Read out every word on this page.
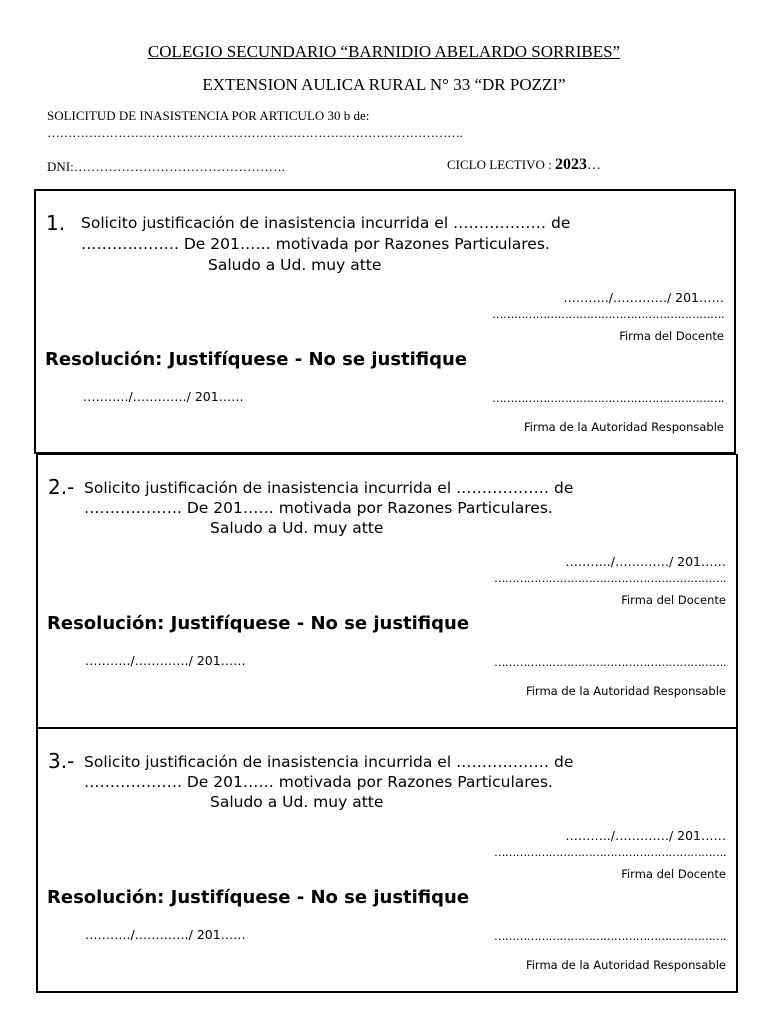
COLEGIO SECUNDARIO “BARNIDIO ABELARDO SORRIBES”
EXTENSION AULICA RURAL N° 33 “DR POZZI”
SOLICITUD DE INASISTENCIA POR ARTICULO 30 b de:
……………………………………………………………………………………….
DNI:………………………………………….	CICLO LECTIVO : 2023…
1. Solicito justificación de inasistencia incurrida el ……………… de
………………. De 201…… motivada por Razones Particulares.
Saludo a Ud. muy atte
………../…………./ 201……
……………………………………………………….
Firma del Docente
Resolución: Justifíquese - No se justifique
………../…………./ 201……	……………………………………………………….
Firma de la Autoridad Responsable
2.- Solicito justificación de inasistencia incurrida el ……………… de
………………. De 201…… motivada por Razones Particulares.
Saludo a Ud. muy atte
………../…………./ 201……
……………………………………………………….
Firma del Docente
Resolución: Justifíquese - No se justifique
………../…………./ 201……	……………………………………………………….
Firma de la Autoridad Responsable
3.- Solicito justificación de inasistencia incurrida el ……………… de
………………. De 201…… motivada por Razones Particulares.
Saludo a Ud. muy atte
………../…………./ 201……
……………………………………………………….
Firma del Docente
Resolución: Justifíquese - No se justifique
………../…………./ 201……	……………………………………………………….
Firma de la Autoridad Responsable
